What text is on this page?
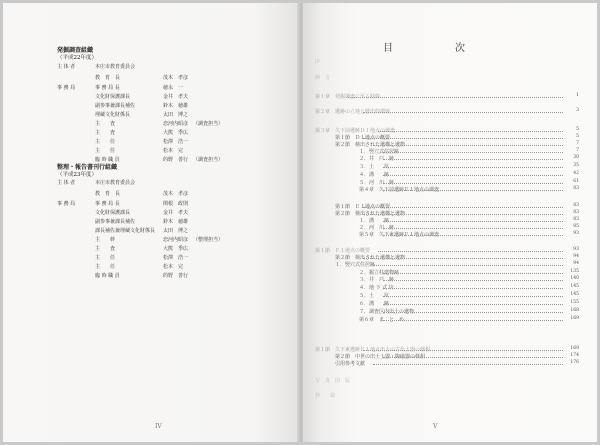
発掘調査組織
（平成22年度）
整理・報告書刊行組織
（平成23年度）
主 体 者	本庄市教育委員会
教　育　長	茂木　孝彦
事 務 局	事 務 局 長	徳永　一
文化財保護課長	金井　孝夫
副参事兼課長補佐	鈴木　徳雄
埋蔵文化財係長	太田　博之
主　　査	恋河内昭彦 （調査担当）
主　　査	大熊　季広
主　　任	松澤　浩一
主　　任	松本　完
臨 時 職 員	的野　善行 （調査担当）
主 体 者	本庄市教育委員会
教　育　長	茂木　孝彦
事 務 局	事 務 局 長	関根　政則
文化財保護課長	金井　孝夫
副参事兼課長補佐	鈴木　徳雄
課長補佐兼埋蔵文化財係長 太田　博之
主　　幹	恋河内昭彦 （整理担当）
主　　査	大熊　季広
主　　任	松澤　浩一
主　　任	松本　完
臨 時 職 員	的野　善行
IV
目　　次
序
例　言
第１章　発掘調査に至る経緯	1
第２章　遺跡の立地と歴史的環境	3
第３章　久下前遺跡Ｄ１地点の調査	5
第１節　Ｄ１地点の概要	5
第２節　検出された遺構と遺物	7
１．竪穴式住居跡	7
２．井　戸　跡	30
３．土　　坑	35
４．溝　　跡	42
５．河　川　跡	61
第４章　久下前遺跡Ｅ１地点の調査	83
第１節　Ｅ１地点の概要	83
第２節　検出された遺構と遺物	83
１．溝　　跡	83
２．河　川　跡	85
第５章　久下東遺跡Ｆ１地点の調査	93
第１節　Ｆ１地点の概要	93
第２節　検出された遺構と遺物	94
１．竪穴式住居跡	94
２．掘立柱建物跡	135
３．井　戸　跡	140
４．地 下 式 坑	145
５．土　　坑	145
６．溝　　跡	155
７．調査区内出土の遺物	168
第６章　ま　と　め	169
第１節　久下東遺跡Ｆ１地点出土の古代土器の様相	169
第２節　中世の出土土器・陶磁器の様相	174
引用参考文献	176
写　真　図　版
抄　　録
V
